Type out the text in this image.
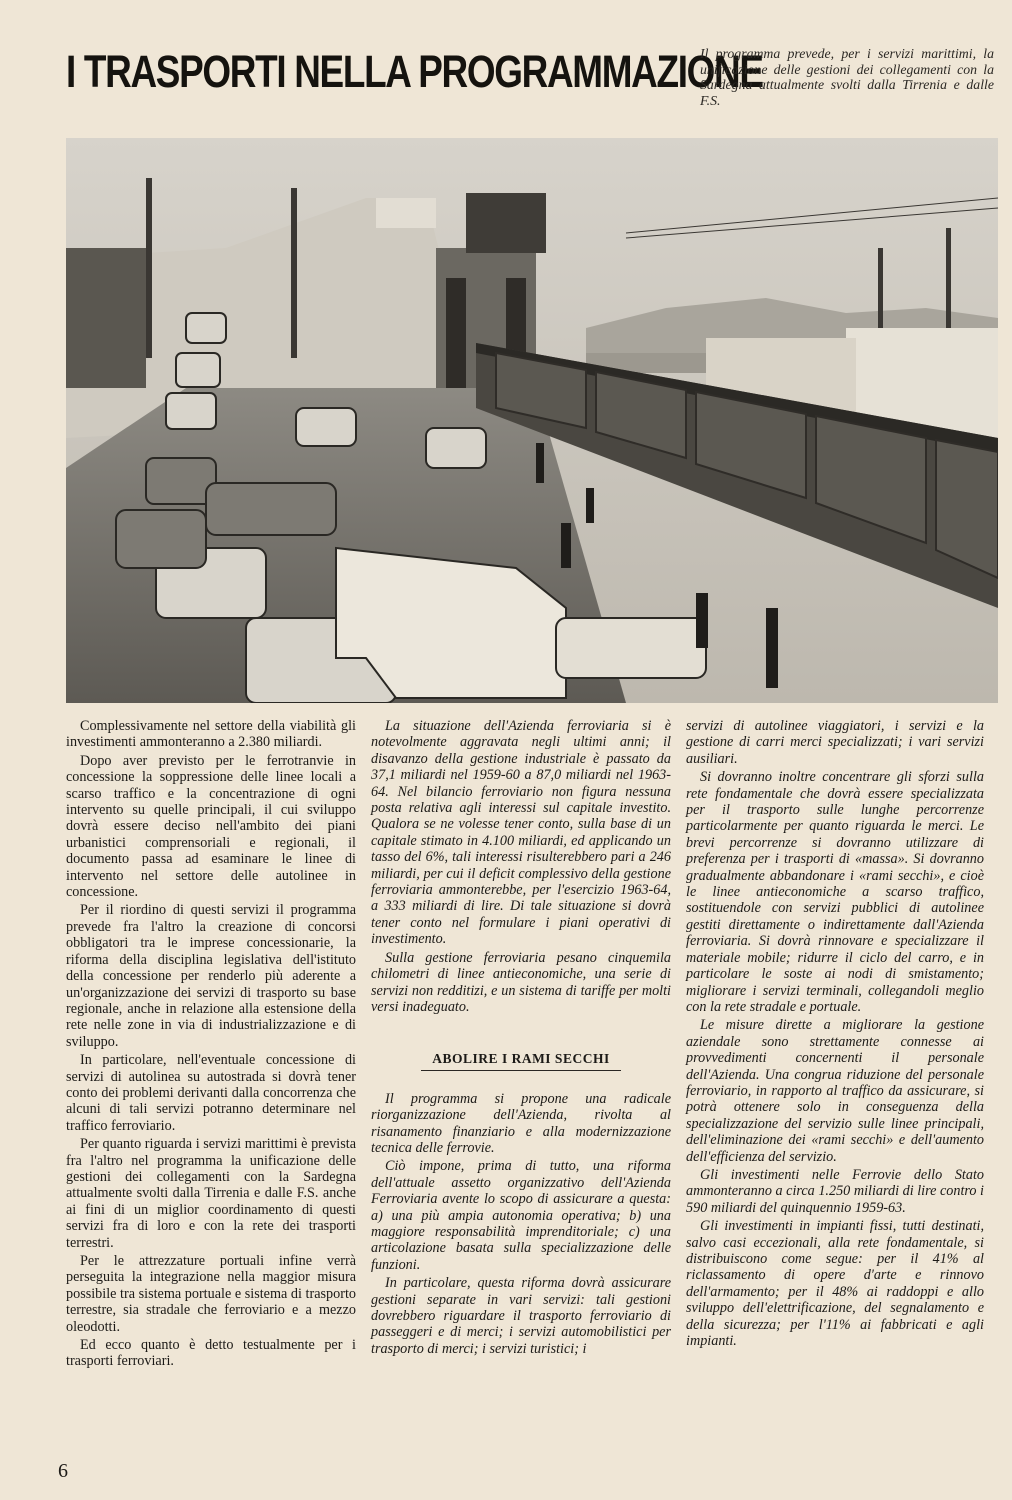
I TRASPORTI NELLA PROGRAMMAZIONE
Il programma prevede, per i servizi marittimi, la unificazione delle gestioni dei collegamenti con la Sardegna attualmente svolti dalla Tirrenia e dalle F.S.

Complessivamente nel settore della viabilità gli investimenti ammonteranno a 2.380 miliardi.

Dopo aver previsto per le ferrotranvie in concessione la soppressione delle linee locali a scarso traffico e la concentrazione di ogni intervento su quelle principali, il cui sviluppo dovrà essere deciso nell'ambito dei piani urbanistici comprensoriali e regionali, il documento passa ad esaminare le linee di intervento nel settore delle autolinee in concessione.

Per il riordino di questi servizi il programma prevede fra l'altro la creazione di concorsi obbligatori tra le imprese concessionarie, la riforma della disciplina legislativa dell'istituto della concessione per renderlo più aderente a un'organizzazione dei servizi di trasporto su base regionale, anche in relazione alla estensione della rete nelle zone in via di industrializzazione e di sviluppo.

In particolare, nell'eventuale concessione di servizi di autolinea su autostrada si dovrà tener conto dei problemi derivanti dalla concorrenza che alcuni di tali servizi potranno determinare nel traffico ferroviario.

Per quanto riguarda i servizi marittimi è prevista fra l'altro nel programma la unificazione delle gestioni dei collegamenti con la Sardegna attualmente svolti dalla Tirrenia e dalle F.S. anche ai fini di un miglior coordinamento di questi servizi fra di loro e con la rete dei trasporti terrestri.

Per le attrezzature portuali infine verrà perseguita la integrazione nella maggior misura possibile tra sistema portuale e sistema di trasporto terrestre, sia stradale che ferroviario e a mezzo oleodotti.

Ed ecco quanto è detto testualmente per i trasporti ferroviari.

La situazione dell'Azienda ferroviaria si è notevolmente aggravata negli ultimi anni; il disavanzo della gestione industriale è passato da 37,1 miliardi nel 1959-60 a 87,0 miliardi nel 1963-64. Nel bilancio ferroviario non figura nessuna posta relativa agli interessi sul capitale investito. Qualora se ne volesse tener conto, sulla base di un capitale stimato in 4.100 miliardi, ed applicando un tasso del 6%, tali interessi risulterebbero pari a 246 miliardi, per cui il deficit complessivo della gestione ferroviaria ammonterebbe, per l'esercizio 1963-64, a 333 miliardi di lire. Di tale situazione si dovrà tener conto nel formulare i piani operativi di investimento.

Sulla gestione ferroviaria pesano cinquemila chilometri di linee antieconomiche, una serie di servizi non redditizi, e un sistema di tariffe per molti versi inadeguato.

ABOLIRE I RAMI SECCHI

Il programma si propone una radicale riorganizzazione dell'Azienda, rivolta al risanamento finanziario e alla modernizzazione tecnica delle ferrovie.

Ciò impone, prima di tutto, una riforma dell'attuale assetto organizzativo dell'Azienda Ferroviaria avente lo scopo di assicurare a questa: a) una più ampia autonomia operativa; b) una maggiore responsabilità imprenditoriale; c) una articolazione basata sulla specializzazione delle funzioni.

In particolare, questa riforma dovrà assicurare gestioni separate in vari servizi: tali gestioni dovrebbero riguardare il trasporto ferroviario di passeggeri e di merci; i servizi automobilistici per trasporto di merci; i servizi turistici; i

servizi di autolinee viaggiatori, i servizi e la gestione di carri merci specializzati; i vari servizi ausiliari.

Si dovranno inoltre concentrare gli sforzi sulla rete fondamentale che dovrà essere specializzata per il trasporto sulle lunghe percorrenze particolarmente per quanto riguarda le merci. Le brevi percorrenze si dovranno utilizzare di preferenza per i trasporti di «massa». Si dovranno gradualmente abbandonare i «rami secchi», e cioè le linee antieconomiche a scarso traffico, sostituendole con servizi pubblici di autolinee gestiti direttamente o indirettamente dall'Azienda ferroviaria. Si dovrà rinnovare e specializzare il materiale mobile; ridurre il ciclo del carro, e in particolare le soste ai nodi di smistamento; migliorare i servizi terminali, collegandoli meglio con la rete stradale e portuale.

Le misure dirette a migliorare la gestione aziendale sono strettamente connesse ai provvedimenti concernenti il personale dell'Azienda. Una congrua riduzione del personale ferroviario, in rapporto al traffico da assicurare, si potrà ottenere solo in conseguenza della specializzazione del servizio sulle linee principali, dell'eliminazione dei «rami secchi» e dell'aumento dell'efficienza del servizio.

Gli investimenti nelle Ferrovie dello Stato ammonteranno a circa 1.250 miliardi di lire contro i 590 miliardi del quinquennio 1959-63.

Gli investimenti in impianti fissi, tutti destinati, salvo casi eccezionali, alla rete fondamentale, si distribuiscono come segue: per il 41% al riclassamento di opere d'arte e rinnovo dell'armamento; per il 48% ai raddoppi e allo sviluppo dell'elettrificazione, del segnalamento e della sicurezza; per l'11% ai fabbricati e agli impianti.

6
